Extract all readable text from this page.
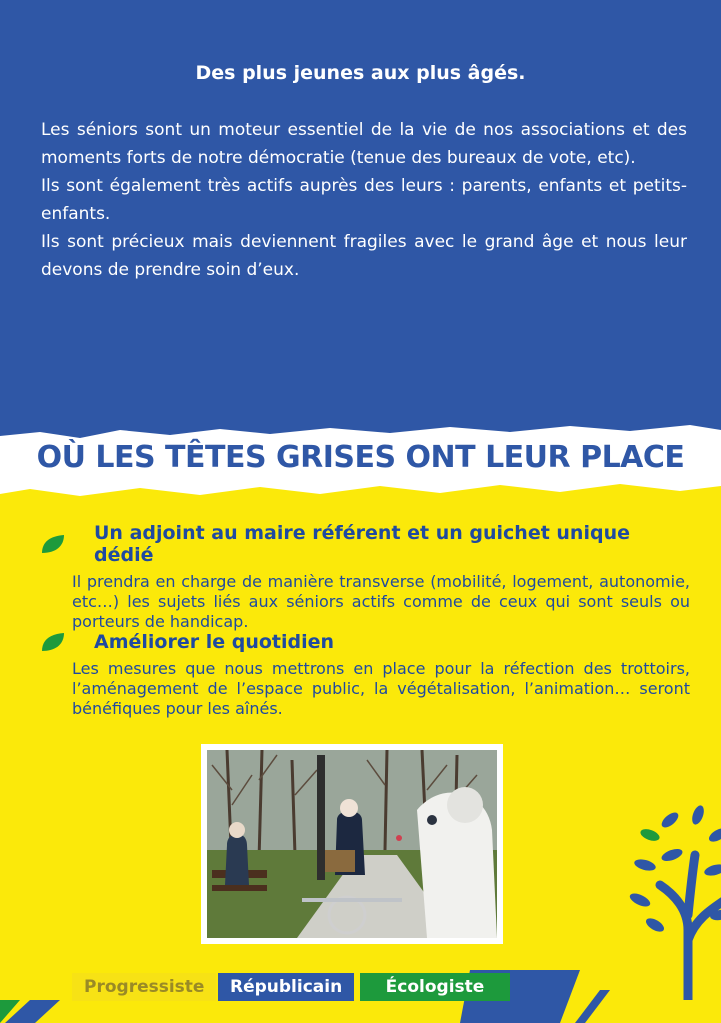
Des plus jeunes aux plus âgés.

Les séniors sont un moteur essentiel de la vie de nos associations et des moments forts de notre démocratie (tenue des bureaux de vote, etc).

Ils sont également très actifs auprès des leurs : parents, enfants et petits-enfants.

Ils sont précieux mais deviennent fragiles avec le grand âge et nous leur devons de prendre soin d’eux.

OÙ LES TÊTES GRISES ONT LEUR PLACE
Un adjoint au maire référent et un guichet unique dédié
Il prendra en charge de manière transverse (mobilité, logement, autonomie, etc…) les sujets liés aux séniors actifs comme de ceux qui sont seuls ou porteurs de handicap.
Améliorer le quotidien
Les mesures que nous mettrons en place pour la réfection des trottoirs, l’aménagement de l’espace public, la végétalisation, l’animation… seront bénéfiques pour les aînés.
Progressiste	Républicain	Écologiste
